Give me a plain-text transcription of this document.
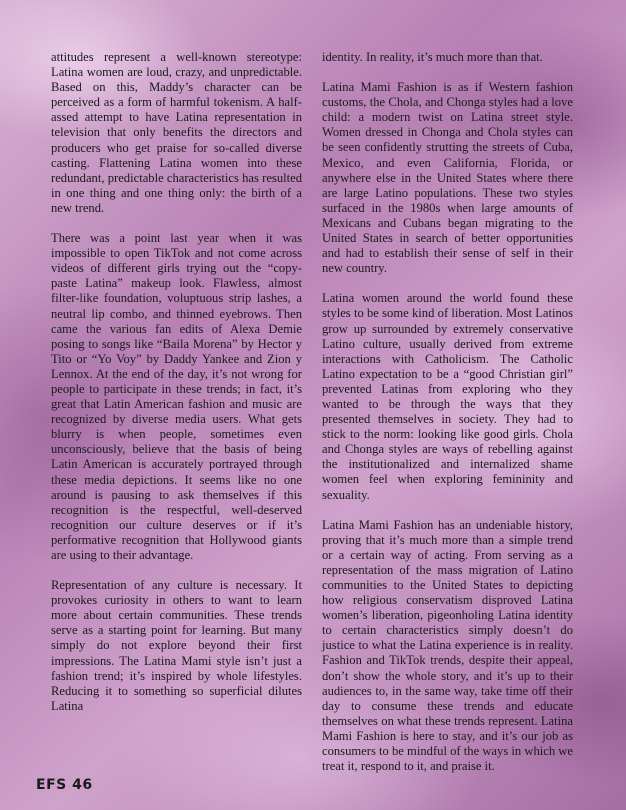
attitudes represent a well-known stereotype: Latina women are loud, crazy, and unpredictable. Based on this, Maddy’s character can be perceived as a form of harmful tokenism. A half-assed attempt to have Latina representation in television that only benefits the directors and producers who get praise for so-called diverse casting. Flattening Latina women into these redundant, predictable characteristics has resulted in one thing and one thing only: the birth of a new trend.

There was a point last year when it was impossible to open TikTok and not come across videos of different girls trying out the “copy-paste Latina” makeup look. Flawless, almost filter-like foundation, voluptuous strip lashes, a neutral lip combo, and thinned eyebrows. Then came the various fan edits of Alexa Demie posing to songs like “Baila Morena” by Hector y Tito or “Yo Voy” by Daddy Yankee and Zion y Lennox. At the end of the day, it’s not wrong for people to participate in these trends; in fact, it’s great that Latin American fashion and music are recognized by diverse media users. What gets blurry is when people, sometimes even unconsciously, believe that the basis of being Latin American is accurately portrayed through these media depictions. It seems like no one around is pausing to ask themselves if this recognition is the respectful, well-deserved recognition our culture deserves or if it’s performative recognition that Hollywood giants are using to their advantage.

Representation of any culture is necessary. It provokes curiosity in others to want to learn more about certain communities. These trends serve as a starting point for learning. But many simply do not explore beyond their first impressions. The Latina Mami style isn’t just a fashion trend; it’s inspired by whole lifestyles. Reducing it to something so superficial dilutes Latina

identity. In reality, it’s much more than that.

Latina Mami Fashion is as if Western fashion customs, the Chola, and Chonga styles had a love child: a modern twist on Latina street style. Women dressed in Chonga and Chola styles can be seen confidently strutting the streets of Cuba, Mexico, and even California, Florida, or anywhere else in the United States where there are large Latino populations. These two styles surfaced in the 1980s when large amounts of Mexicans and Cubans began migrating to the United States in search of better opportunities and had to establish their sense of self in their new country.

Latina women around the world found these styles to be some kind of liberation. Most Latinos grow up surrounded by extremely conservative Latino culture, usually derived from extreme interactions with Catholicism. The Catholic Latino expectation to be a “good Christian girl” prevented Latinas from exploring who they wanted to be through the ways that they presented themselves in society. They had to stick to the norm: looking like good girls. Chola and Chonga styles are ways of rebelling against the institutionalized and internalized shame women feel when exploring femininity and sexuality.

Latina Mami Fashion has an undeniable history, proving that it’s much more than a simple trend or a certain way of acting. From serving as a representation of the mass migration of Latino communities to the United States to depicting how religious conservatism disproved Latina women’s liberation, pigeonholing Latina identity to certain characteristics simply doesn’t do justice to what the Latina experience is in reality. Fashion and TikTok trends, despite their appeal, don’t show the whole story, and it’s up to their audiences to, in the same way, take time off their day to consume these trends and educate themselves on what these trends represent. Latina Mami Fashion is here to stay, and it’s our job as consumers to be mindful of the ways in which we treat it, respond to it, and praise it.

EFS 46
